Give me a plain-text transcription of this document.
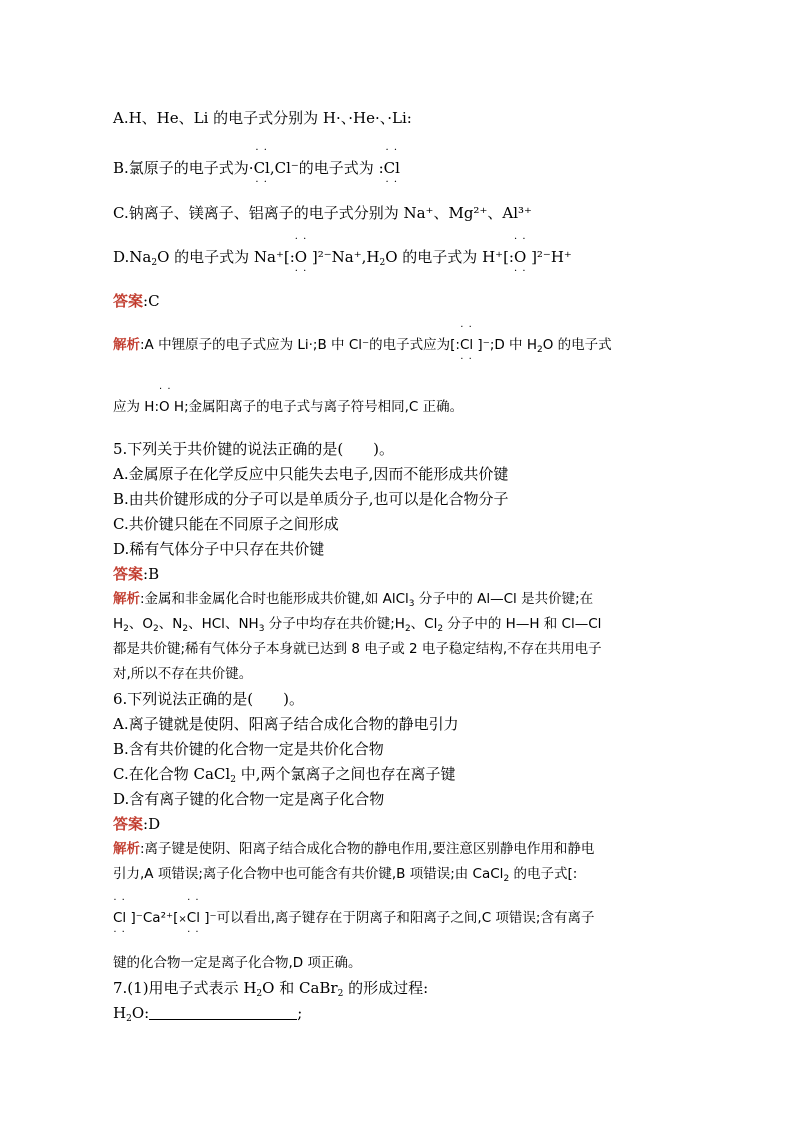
A.H、He、Li 的电子式分别为 H·、·He·、·Li:
B.氯原子的电子式为·
· ·
Cl
· ·
,Cl⁻的电子式为 :
· ·
Cl
· ·
C.钠离子、镁离子、铝离子的电子式分别为 Na⁺、Mg²⁺、Al³⁺
$D.Na_2O$ 的电子式为 Na⁺[:
· ·
O
· ·
]$^{2-}Na^+,H_2O$ 的电子式为 H⁺[:
· ·
O
· ·
]²⁻H⁺
答案:C
解析:A 中锂原子的电子式应为 Li·;B 中 Cl⁻的电子式应为[:
· ·
Cl
· ·
]⁻;D 中 $H_2O$ 的电子式
应为 H:
· ·
O
H;金属阳离子的电子式与离子符号相同,C 正确。
5.下列关于共价键的说法正确的是(　　)。
A.金属原子在化学反应中只能失去电子,因而不能形成共价键
B.由共价键形成的分子可以是单质分子,也可以是化合物分子
C.共价键只能在不同原子之间形成
D.稀有气体分子中只存在共价键
答案:B
解析:金属和非金属化合时也能形成共价键,如 AlCl$_3$ 分子中的 Al—Cl 是共价键;在
$H_2$、$O_2$、$N_2$、HCl、$NH_3$ 分子中均存在共价键$;H_2$、$Cl_2$ 分子中的 H—H 和 Cl—Cl
都是共价键;稀有气体分子本身就已达到 8 电子或 2 电子稳定结构,不存在共用电子
对,所以不存在共价键。
6.下列说法正确的是(　　)。
A.离子键就是使阴、阳离子结合成化合物的静电引力
B.含有共价键的化合物一定是共价化合物
C.在化合物 CaCl$_2$ 中,两个氯离子之间也存在离子键
D.含有离子键的化合物一定是离子化合物
答案:D
解析:离子键是使阴、阳离子结合成化合物的静电作用,要注意区别静电作用和静电
引力,A 项错误;离子化合物中也可能含有共价键,B 项错误;由 CaCl$_2$ 的电子式[:
· ·
Cl
· ·
]⁻Ca²⁺[×
· ·
Cl
· ·
]⁻可以看出,离子键存在于阴离子和阳离子之间,C 项错误;含有离子
键的化合物一定是离子化合物,D 项正确。
7.(1)用电子式表示 $H_2O$ 和 CaBr$_2$ 的形成过程:
$H_2O$:	;
